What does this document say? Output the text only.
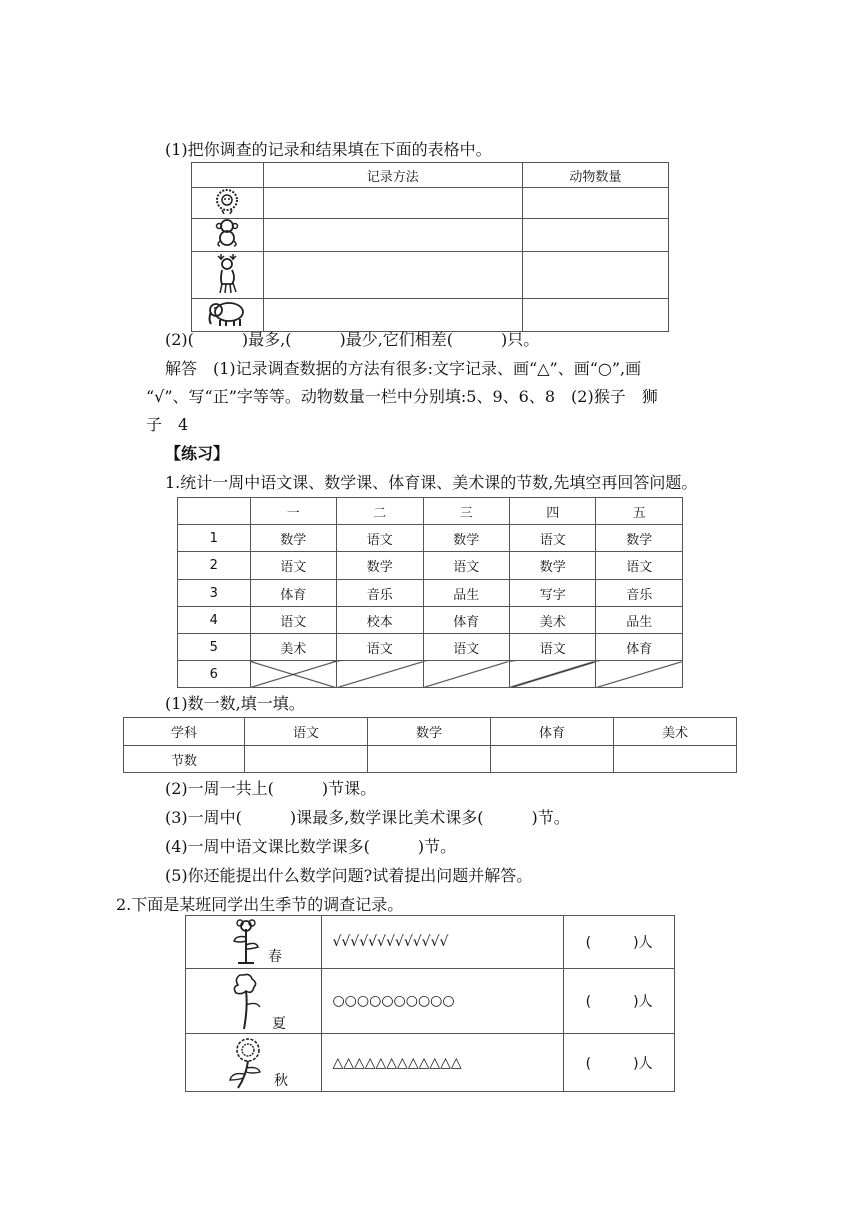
(1)把你调查的记录和结果填在下面的表格中。
	记录方法	动物数量

(2)(　　　)最多,(　　　)最少,它们相差(　　　)只。
解答　(1)记录调查数据的方法有很多:文字记录、画“△”、画“○”,画
“√”、写“正”字等等。动物数量一栏中分别填:5、9、6、8　(2)猴子　狮
子　4
【练习】
1.统计一周中语文课、数学课、体育课、美术课的节数,先填空再回答问题。
	一	二	三	四	五
1	数学	语文	数学	语文	数学
2	语文	数学	语文	数学	语文
3	体育	音乐	品生	写字	音乐
4	语文	校本	体育	美术	品生
5	美术	语文	语文	语文	体育
6					
(1)数一数,填一填。
学科	语文	数学	体育	美术
节数				
(2)一周一共上(　　　)节课。
(3)一周中(　　　)课最多,数学课比美术课多(　　　)节。
(4)一周中语文课比数学课多(　　　)节。
(5)你还能提出什么数学问题?试着提出问题并解答。
2.下面是某班同学出生季节的调查记录。
春	√√√√√√√√√√√√√	(　　　)人

夏	○○○○○○○○○○	(　　　)人

秋	△△△△△△△△△△△△	(　　　)人
